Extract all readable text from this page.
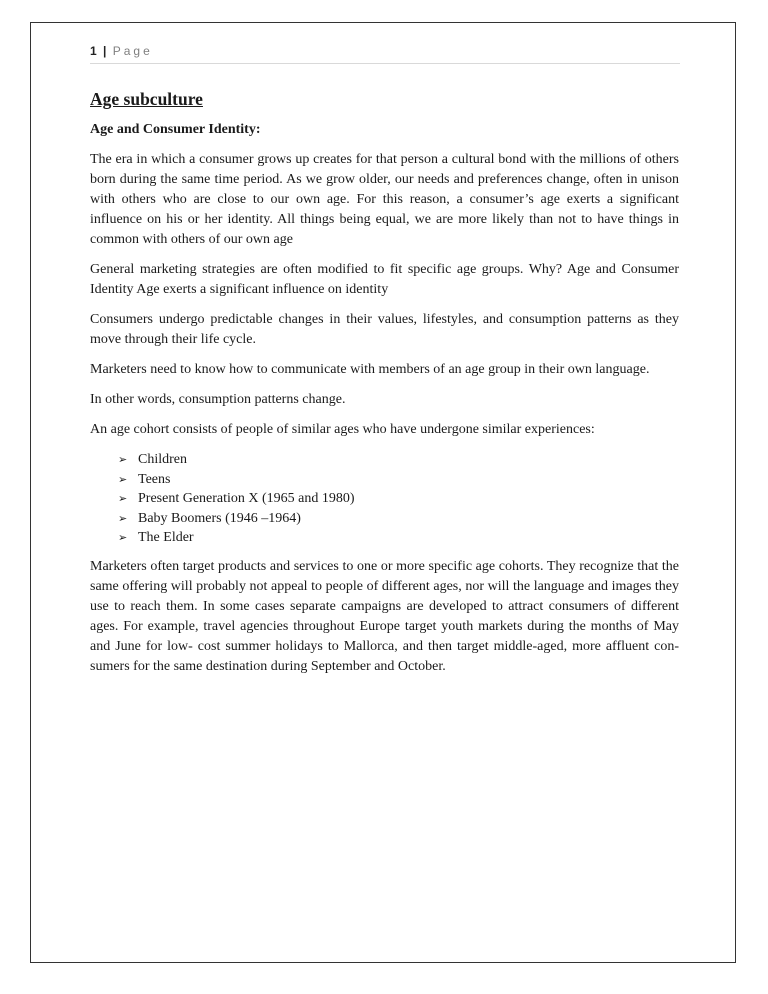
1 | Page
Age subculture
Age and Consumer Identity:

The era in which a consumer grows up creates for that person a cultural bond with the millions of others born during the same time period. As we grow older, our needs and preferences change, often in unison with others who are close to our own age. For this reason, a consumer’s age exerts a significant influence on his or her identity. All things being equal, we are more likely than not to have things in common with others of our own age

General marketing strategies are often modified to fit specific age groups. Why? Age and Consumer Identity Age exerts a significant influence on identity

Consumers undergo predictable changes in their values, lifestyles, and consumption patterns as they move through their life cycle.

Marketers need to know how to communicate with members of an age group in their own language.

In other words, consumption patterns change.

An age cohort consists of people of similar ages who have undergone similar experiences:

➢ Children
➢ Teens
➢ Present Generation X (1965 and 1980)
➢ Baby Boomers (1946 –1964)
➢ The Elder

Marketers often target products and services to one or more specific age cohorts. They recognize that the same offering will probably not appeal to people of different ages, nor will the language and images they use to reach them. In some cases separate campaigns are developed to attract consumers of different ages. For example, travel agencies throughout Europe target youth markets during the months of May and June for low- cost summer holidays to Mallorca, and then target middle-aged, more affluent con- sumers for the same destination during September and October.
